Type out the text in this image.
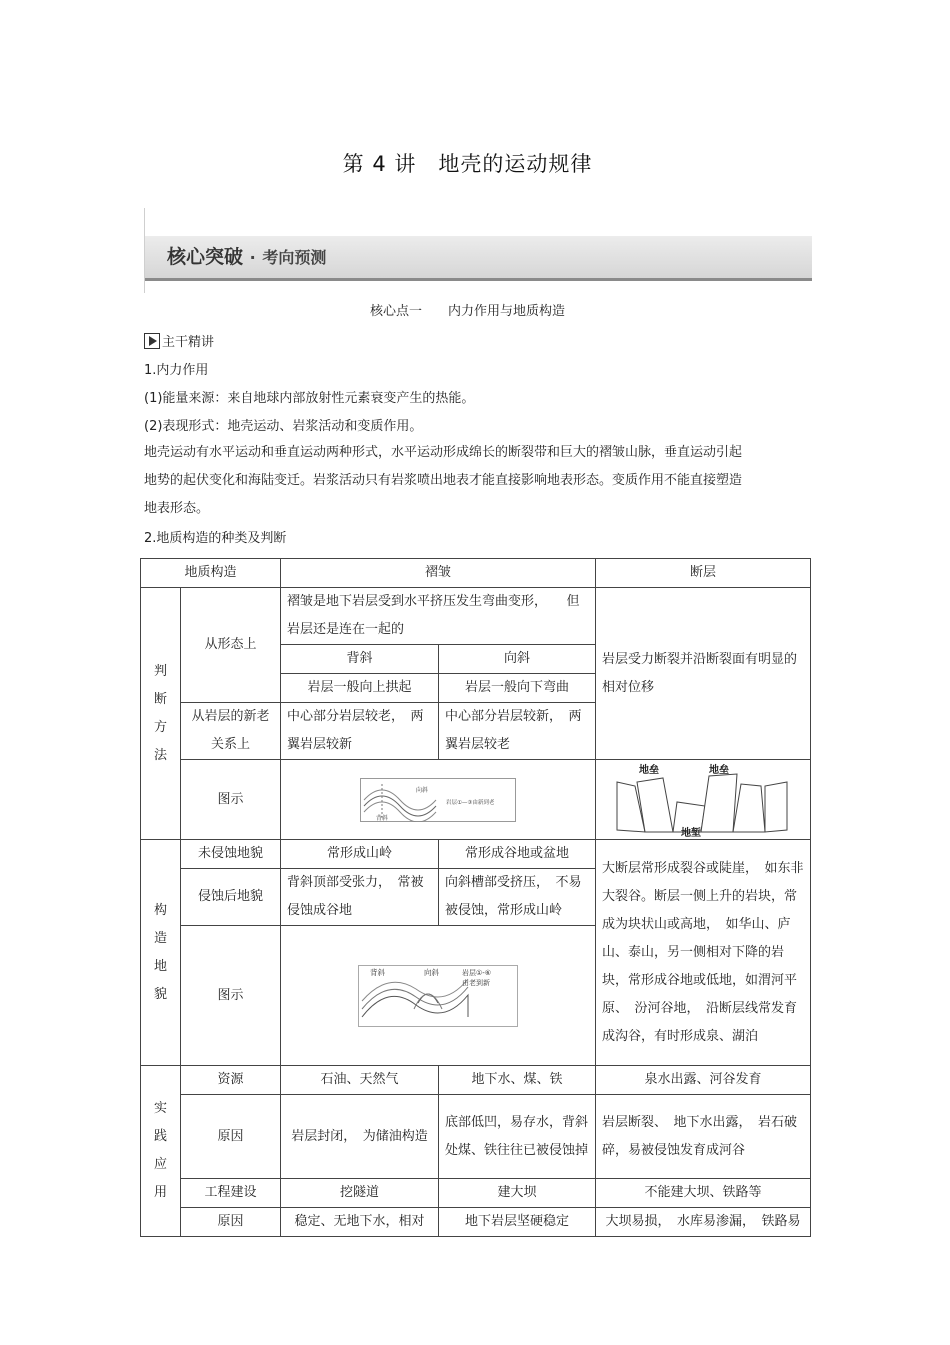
第 4 讲　地壳的运动规律
核心突破 · 考向预测
核心点一　　内力作用与地质构造
主干精讲
1.内力作用
(1)能量来源：来自地球内部放射性元素衰变产生的热能。
(2)表现形式：地壳运动、岩浆活动和变质作用。
地壳运动有水平运动和垂直运动两种形式，水平运动形成绵长的断裂带和巨大的褶皱山脉，垂直运动引起地势的起伏变化和海陆变迁。岩浆活动只有岩浆喷出地表才能直接影响地表形态。变质作用不能直接塑造地表形态。
2.地质构造的种类及判断
地质构造		褶皱		断层

判断方法	从形态上	褶皱是地下岩层受到水平挤压发生弯曲变形，　　但岩层还是连在一起的		岩层受力断裂并沿断裂面有明显的相对位移
		背斜	向斜	
		岩层一般向上拱起	岩层一般向下弯曲	
	从岩层的新老关系上	中心部分岩层较老，　两翼岩层较新	中心部分岩层较新，　两翼岩层较老	
	图示	向斜
背斜
岩层①—③由新到老		地垒 地垒
地堑

构造地貌	未侵蚀地貌	常形成山岭	常形成谷地或盆地	大断层常形成裂谷或陡崖，　如东非大裂谷。断层一侧上升的岩块，常成为块状山或高地，　如华山、庐山、泰山，另一侧相对下降的岩块，常形成谷地或低地，如渭河平原、　汾河谷地，　沿断层线常发育成沟谷，有时形成泉、湖泊
	侵蚀后地貌	背斜顶部受张力，　常被侵蚀成谷地	向斜槽部受挤压，　不易被侵蚀，常形成山岭	
	图示	背斜 向斜 岩层①-⑥
由老到新		

实践应用	资源	石油、天然气	地下水、煤、铁	泉水出露、河谷发育
	原因	岩层封闭，　为储油构造	底部低凹，易存水，背斜处煤、铁往往已被侵蚀掉	岩层断裂、　地下水出露，　岩石破碎，易被侵蚀发育成河谷
	工程建设	挖隧道	建大坝	不能建大坝、铁路等
	原因	稳定、无地下水，相对	地下岩层坚硬稳定	大坝易损，　水库易渗漏，　铁路易
